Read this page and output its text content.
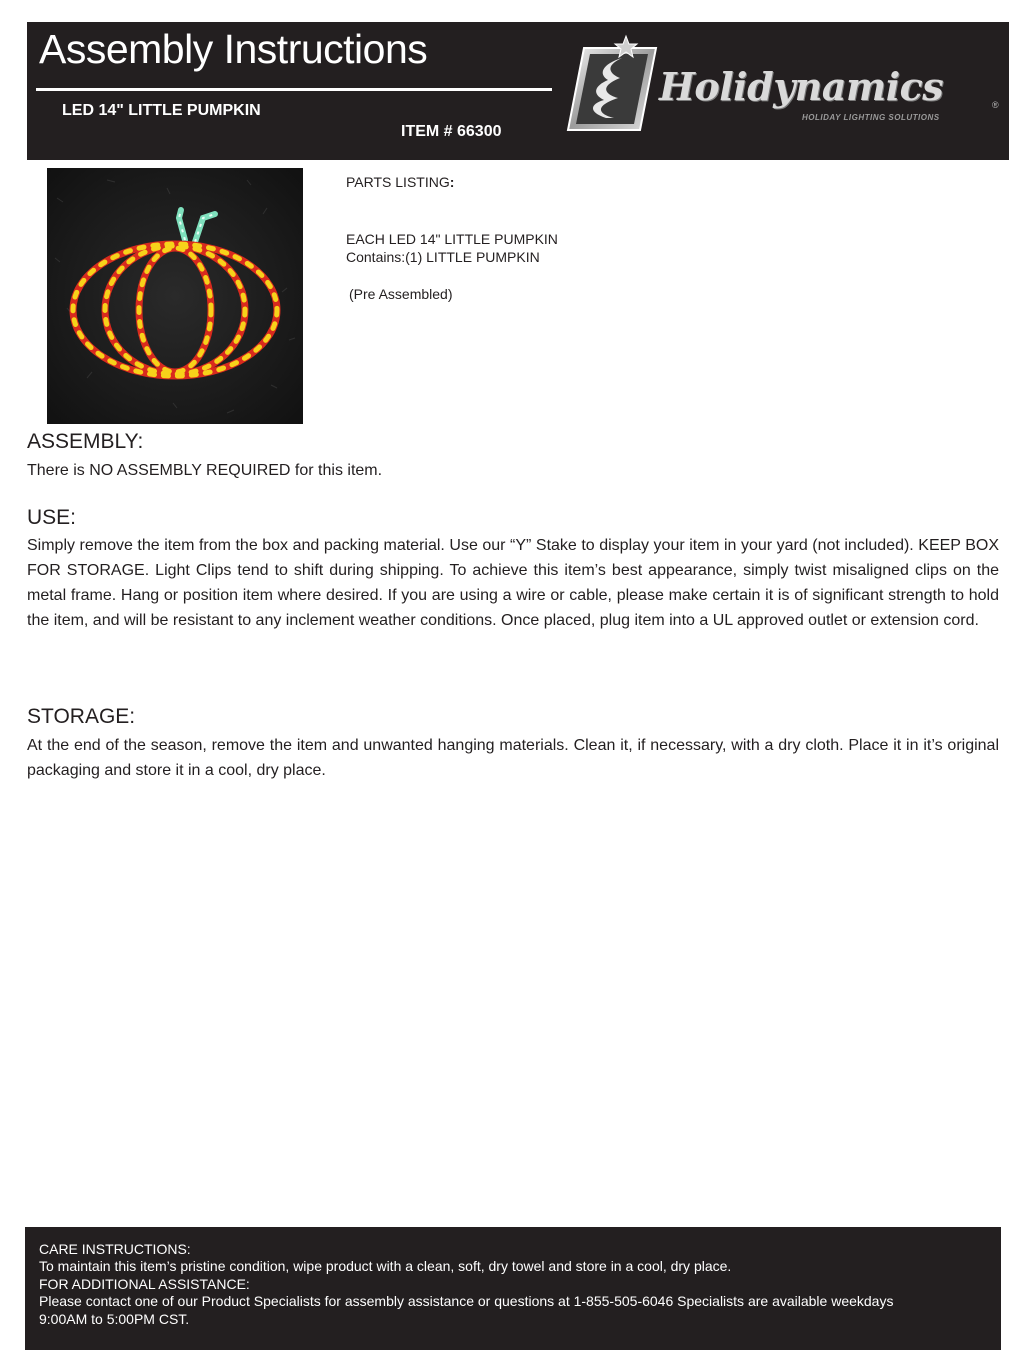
Assembly Instructions
LED 14" LITTLE PUMPKIN
ITEM # 66300
Holidynamics	®
HOLIDAY LIGHTING SOLUTIONS
PARTS LISTING:
EACH LED 14" LITTLE PUMPKIN
Contains:(1) LITTLE PUMPKIN
(Pre Assembled)
ASSEMBLY:
There is NO ASSEMBLY REQUIRED for this item.
USE:
Simply remove the item from the box and packing material. Use our “Y” Stake to display your item in your yard (not included). KEEP BOX FOR STORAGE. Light Clips tend to shift during shipping. To achieve this item’s best appearance, simply twist misaligned clips on the metal frame. Hang or position item where desired. If you are using a wire or cable, please make certain it is of significant strength to hold the item, and will be resistant to any inclement weather conditions. Once placed, plug item into a UL approved outlet or extension cord.
STORAGE:
At the end of the season, remove the item and unwanted hanging materials. Clean it, if necessary, with a dry cloth. Place it in it’s original packaging and store it in a cool, dry place.
CARE INSTRUCTIONS:
To maintain this item’s pristine condition, wipe product with a clean, soft, dry towel and store in a cool, dry place.
FOR ADDITIONAL ASSISTANCE:
Please contact one of our Product Specialists for assembly assistance or questions at 1-855-505-6046 Specialists are available weekdays
9:00AM to 5:00PM CST.
